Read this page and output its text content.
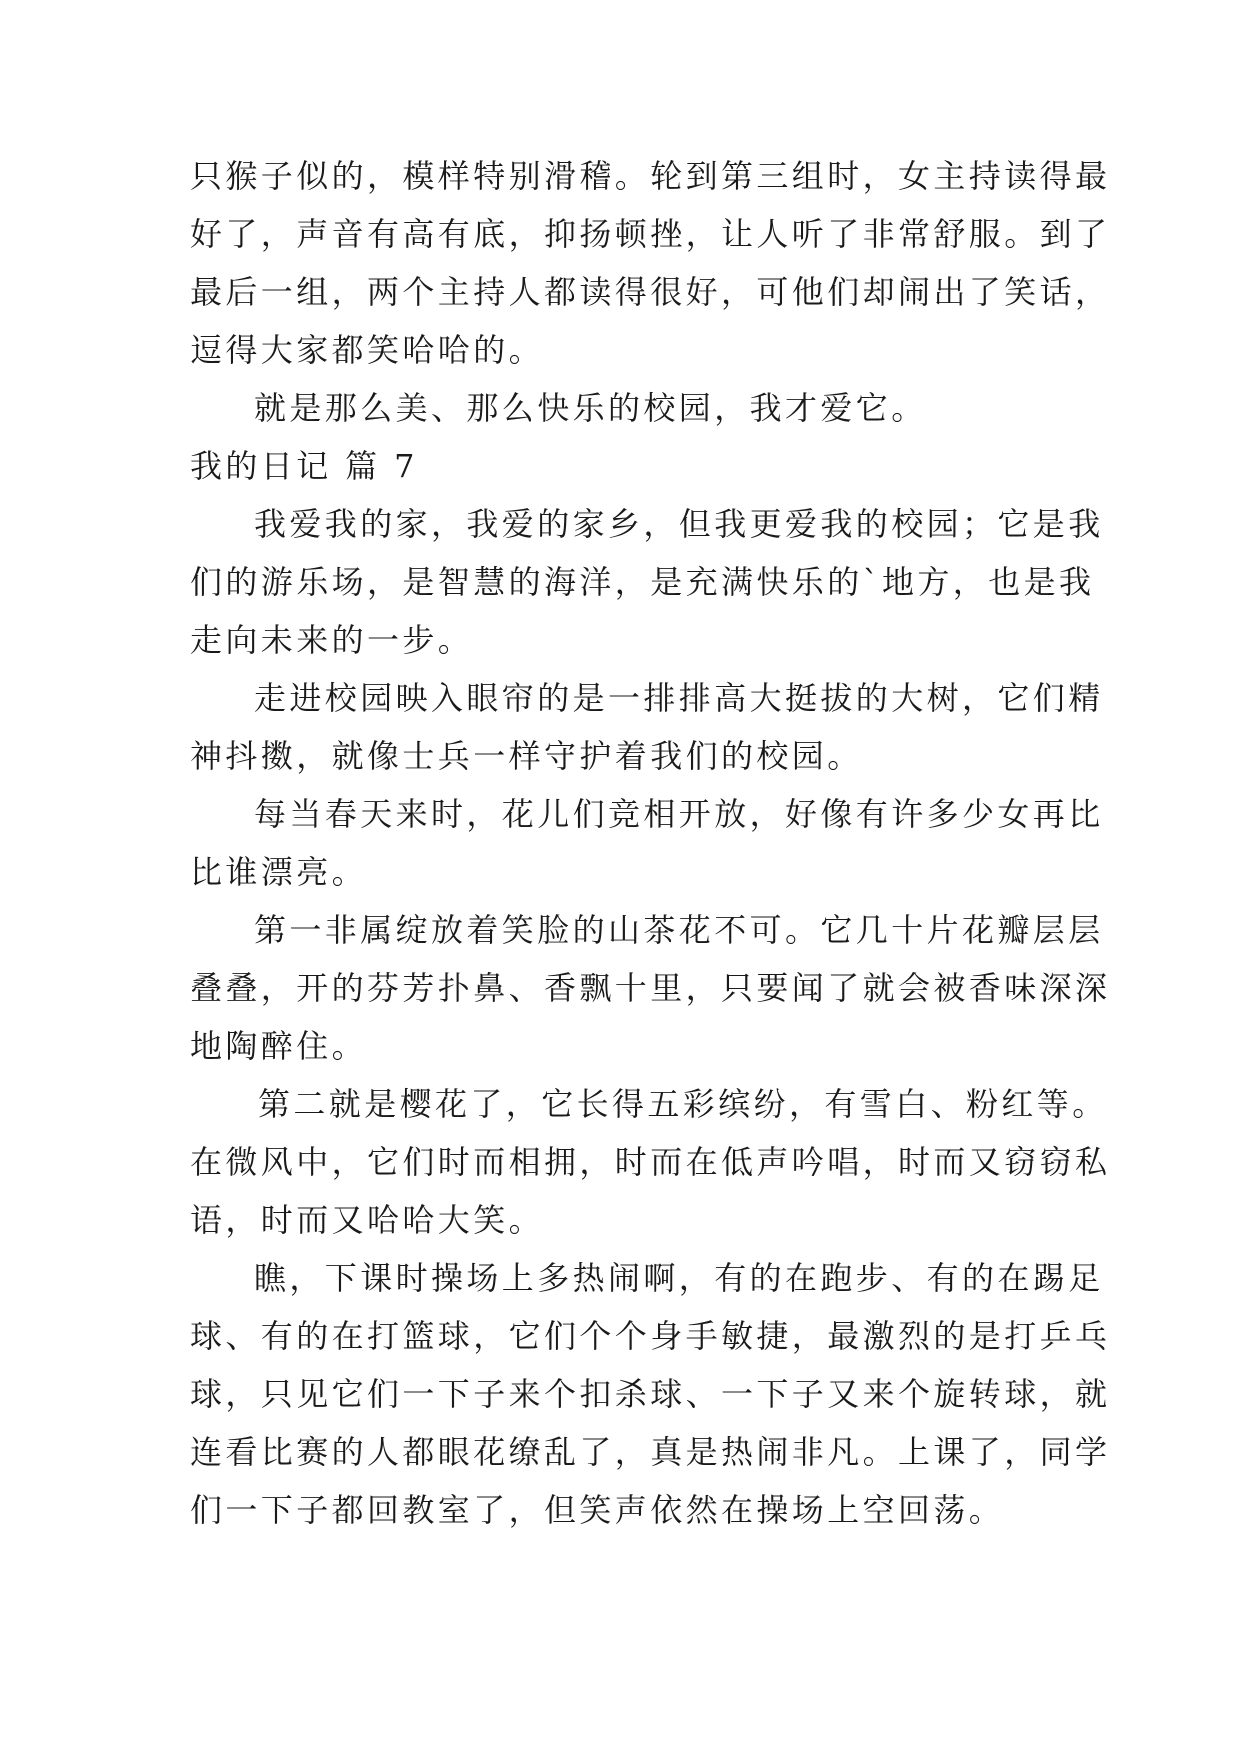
只猴子似的，模样特别滑稽。轮到第三组时，女主持读得最
好了，声音有高有底，抑扬顿挫，让人听了非常舒服。到了
最后一组，两个主持人都读得很好，可他们却闹出了笑话，
逗得大家都笑哈哈的。
就是那么美、那么快乐的校园，我才爱它。
我的日记 篇 7
我爱我的家，我爱的家乡，但我更爱我的校园；它是我
们的游乐场，是智慧的海洋，是充满快乐的`地方，也是我
走向未来的一步。
走进校园映入眼帘的是一排排高大挺拔的大树，它们精
神抖擞，就像士兵一样守护着我们的校园。
每当春天来时，花儿们竞相开放，好像有许多少女再比
比谁漂亮。
第一非属绽放着笑脸的山茶花不可。它几十片花瓣层层
叠叠，开的芬芳扑鼻、香飘十里，只要闻了就会被香味深深
地陶醉住。
第二就是樱花了，它长得五彩缤纷，有雪白、粉红等。
在微风中，它们时而相拥，时而在低声吟唱，时而又窃窃私
语，时而又哈哈大笑。
瞧，下课时操场上多热闹啊，有的在跑步、有的在踢足
球、有的在打篮球，它们个个身手敏捷，最激烈的是打乒乓
球，只见它们一下子来个扣杀球、一下子又来个旋转球，就
连看比赛的人都眼花缭乱了，真是热闹非凡。上课了，同学
们一下子都回教室了，但笑声依然在操场上空回荡。
